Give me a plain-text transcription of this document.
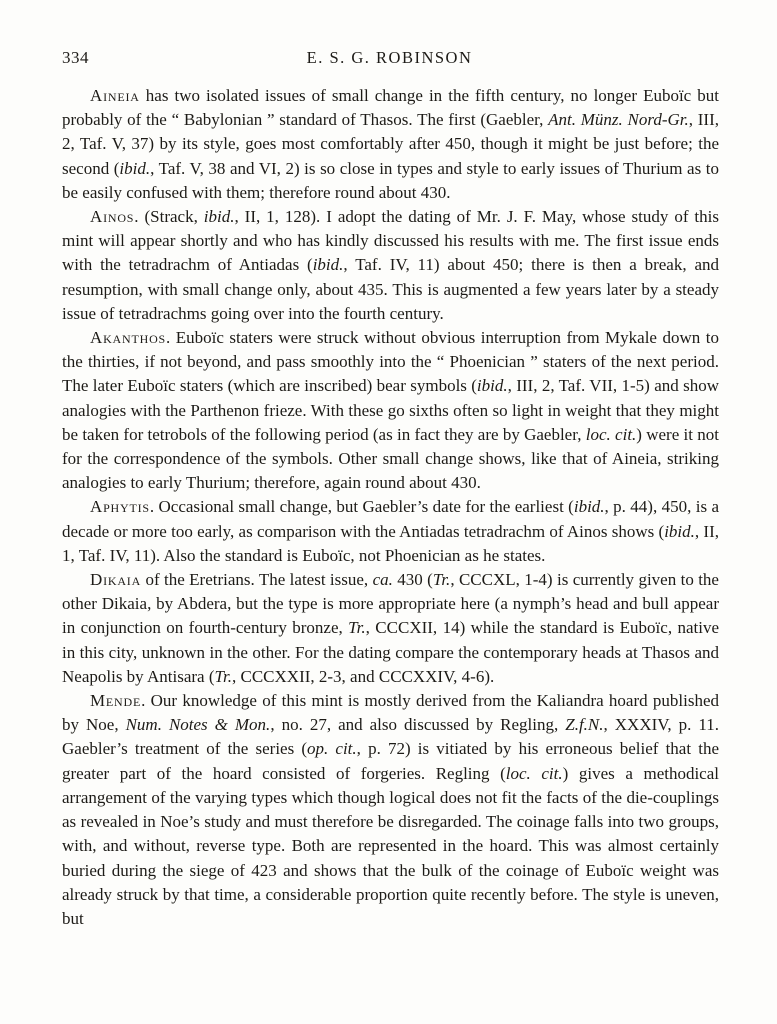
334	E. S. G. ROBINSON

Aineia has two isolated issues of small change in the fifth century, no longer Euboïc but probably of the “ Babylonian ” standard of Thasos. The first (Gaebler, Ant. Münz. Nord-Gr., III, 2, Taf. V, 37) by its style, goes most comfortably after 450, though it might be just before; the second (ibid., Taf. V, 38 and VI, 2) is so close in types and style to early issues of Thurium as to be easily confused with them; therefore round about 430.

Ainos. (Strack, ibid., II, 1, 128). I adopt the dating of Mr. J. F. May, whose study of this mint will appear shortly and who has kindly discussed his results with me. The first issue ends with the tetradrachm of Antiadas (ibid., Taf. IV, 11) about 450; there is then a break, and resumption, with small change only, about 435. This is augmented a few years later by a steady issue of tetradrachms going over into the fourth century.

Akanthos. Euboïc staters were struck without obvious interruption from Mykale down to the thirties, if not beyond, and pass smoothly into the “ Phoenician ” staters of the next period. The later Euboïc staters (which are inscribed) bear symbols (ibid., III, 2, Taf. VII, 1-5) and show analogies with the Parthenon frieze. With these go sixths often so light in weight that they might be taken for tetrobols of the following period (as in fact they are by Gaebler, loc. cit.) were it not for the correspondence of the symbols. Other small change shows, like that of Aineia, striking analogies to early Thurium; therefore, again round about 430.

Aphytis. Occasional small change, but Gaebler’s date for the earliest (ibid., p. 44), 450, is a decade or more too early, as comparison with the Antiadas tetradrachm of Ainos shows (ibid., II, 1, Taf. IV, 11). Also the standard is Euboïc, not Phoenician as he states.

Dikaia of the Eretrians. The latest issue, ca. 430 (Tr., CCCXL, 1-4) is currently given to the other Dikaia, by Abdera, but the type is more appropriate here (a nymph’s head and bull appear in conjunction on fourth-century bronze, Tr., CCCXII, 14) while the standard is Euboïc, native in this city, unknown in the other. For the dating compare the contemporary heads at Thasos and Neapolis by Antisara (Tr., CCCXXII, 2-3, and CCCXXIV, 4-6).

Mende. Our knowledge of this mint is mostly derived from the Kaliandra hoard published by Noe, Num. Notes & Mon., no. 27, and also discussed by Regling, Z.f.N., XXXIV, p. 11. Gaebler’s treatment of the series (op. cit., p. 72) is vitiated by his erroneous belief that the greater part of the hoard consisted of forgeries. Regling (loc. cit.) gives a methodical arrangement of the varying types which though logical does not fit the facts of the die-couplings as revealed in Noe’s study and must therefore be disregarded. The coinage falls into two groups, with, and without, reverse type. Both are represented in the hoard. This was almost certainly buried during the siege of 423 and shows that the bulk of the coinage of Euboïc weight was already struck by that time, a considerable proportion quite recently before. The style is uneven, but
